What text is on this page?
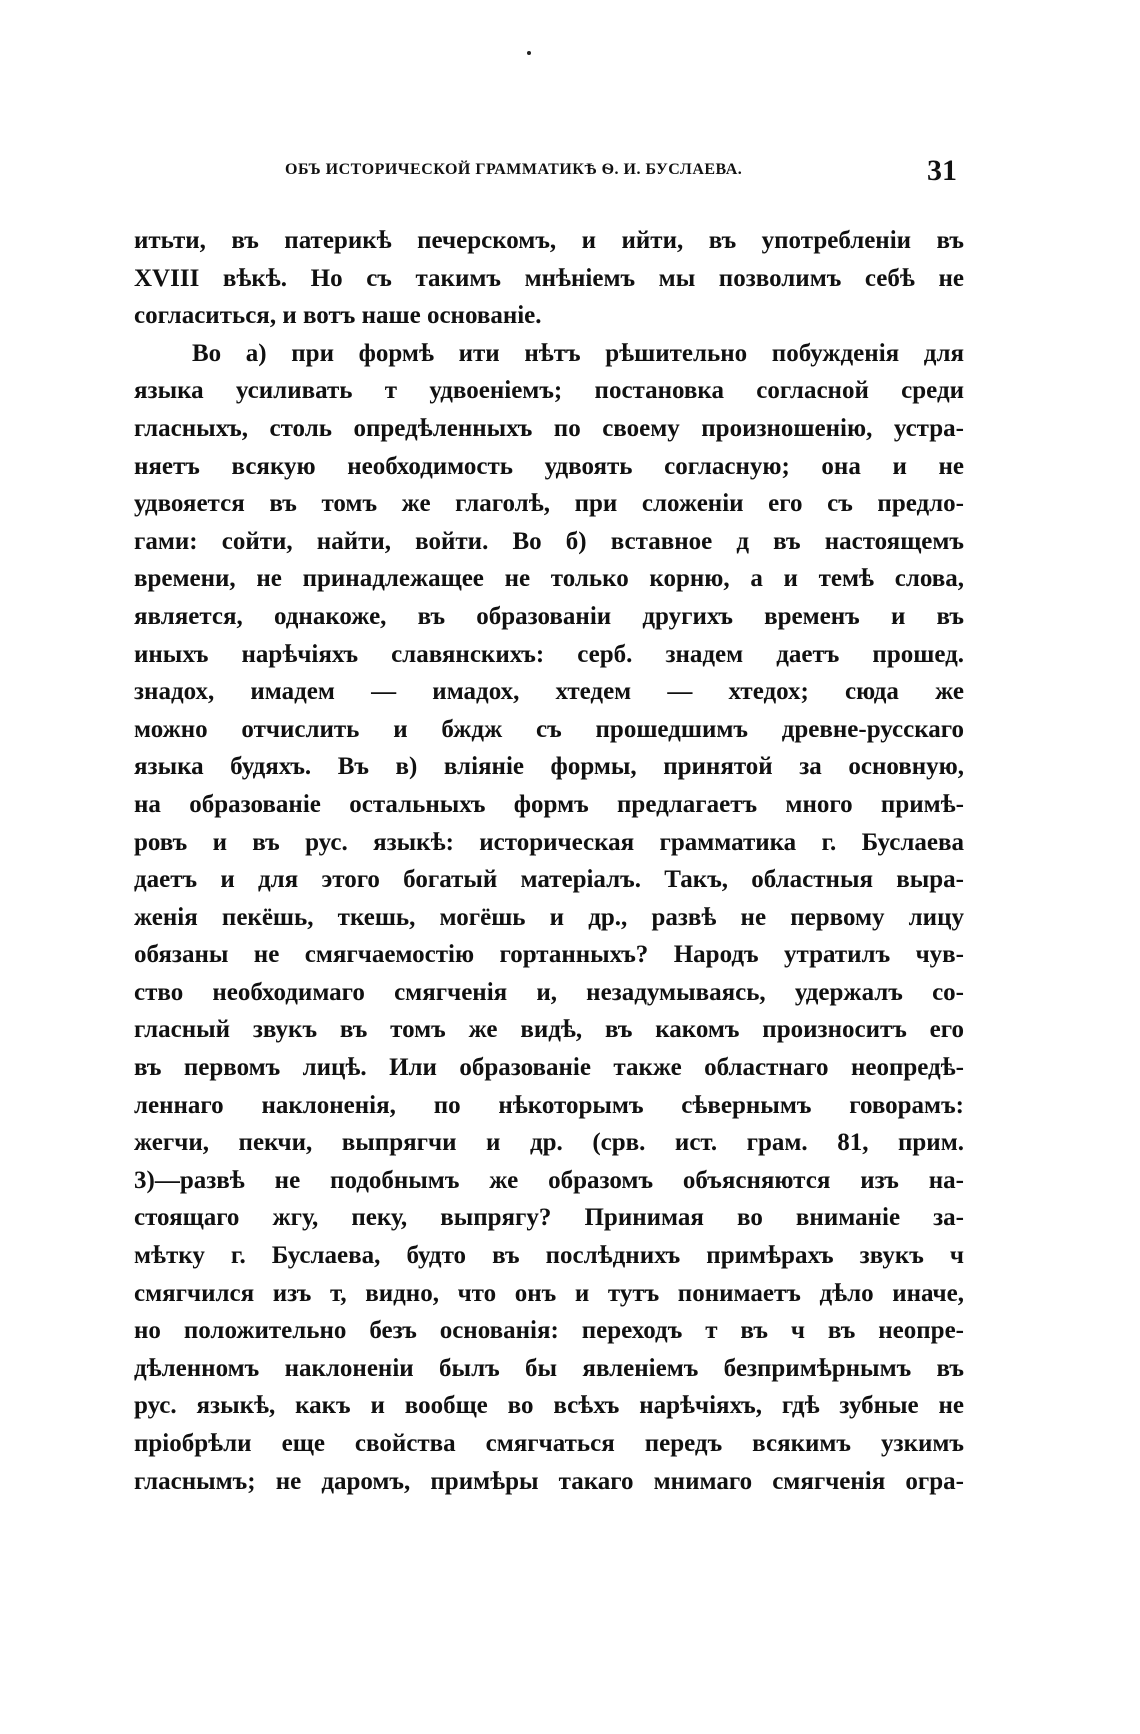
ОБЪ ИСТОРИЧЕСКОЙ ГРАММАТИКѢ Ѳ. И. БУСЛАЕВА.	31
итьти, въ патерикѣ печерскомъ, и ийти, въ употребленіи въ
XVIII вѣкѣ. Но съ такимъ мнѣніемъ мы позволимъ себѣ не
согласиться, и вотъ наше основаніе.
Во а) при формѣ ити нѣтъ рѣшительно побужденія для
языка усиливать т удвоеніемъ; постановка согласной среди
гласныхъ, столь опредѣленныхъ по своему произношенію, устра-
няетъ всякую необходимость удвоять согласную; она и не
удвояется въ томъ же глаголѣ, при сложеніи его съ предло-
гами: сойти, найти, войти. Во б) вставное д въ настоящемъ
времени, не принадлежащее не только корню, а и темѣ слова,
является, однакоже, въ образованіи другихъ временъ и въ
иныхъ нарѣчіяхъ славянскихъ: серб. знадем даетъ прошед.
знадох, имадем — имадох, хтедем — хтедох; сюда же
можно отчислить и бждж съ прошедшимъ древне-русскаго
языка будяхъ. Въ в) вліяніе формы, принятой за основную,
на образованіе остальныхъ формъ предлагаетъ много примѣ-
ровъ и въ рус. языкѣ: историческая грамматика г. Буслаева
даетъ и для этого богатый матеріалъ. Такъ, областныя выра-
женія пекёшь, ткешь, могёшь и др., развѣ не первому лицу
обязаны не смягчаемостію гортанныхъ? Народъ утратилъ чув-
ство необходимаго смягченія и, незадумываясь, удержалъ со-
гласный звукъ въ томъ же видѣ, въ какомъ произноситъ его
въ первомъ лицѣ. Или образованіе также областнаго неопредѣ-
леннаго наклоненія, по нѣкоторымъ сѣвернымъ говорамъ:
жегчи, пекчи, выпрягчи и др. (срв. ист. грам. 81, прим.
3)—развѣ не подобнымъ же образомъ объясняются изъ на-
стоящаго жгу, пеку, выпрягу? Принимая во вниманіе за-
мѣтку г. Буслаева, будто въ послѣднихъ примѣрахъ звукъ ч
смягчился изъ т, видно, что онъ и тутъ понимаетъ дѣло иначе,
но положительно безъ основанія: переходъ т въ ч въ неопре-
дѣленномъ наклоненіи былъ бы явленіемъ безпримѣрнымъ въ
рус. языкѣ, какъ и вообще во всѣхъ нарѣчіяхъ, гдѣ зубные не
пріобрѣли еще свойства смягчаться передъ всякимъ узкимъ
гласнымъ; не даромъ, примѣры такаго мнимаго смягченія огра-
